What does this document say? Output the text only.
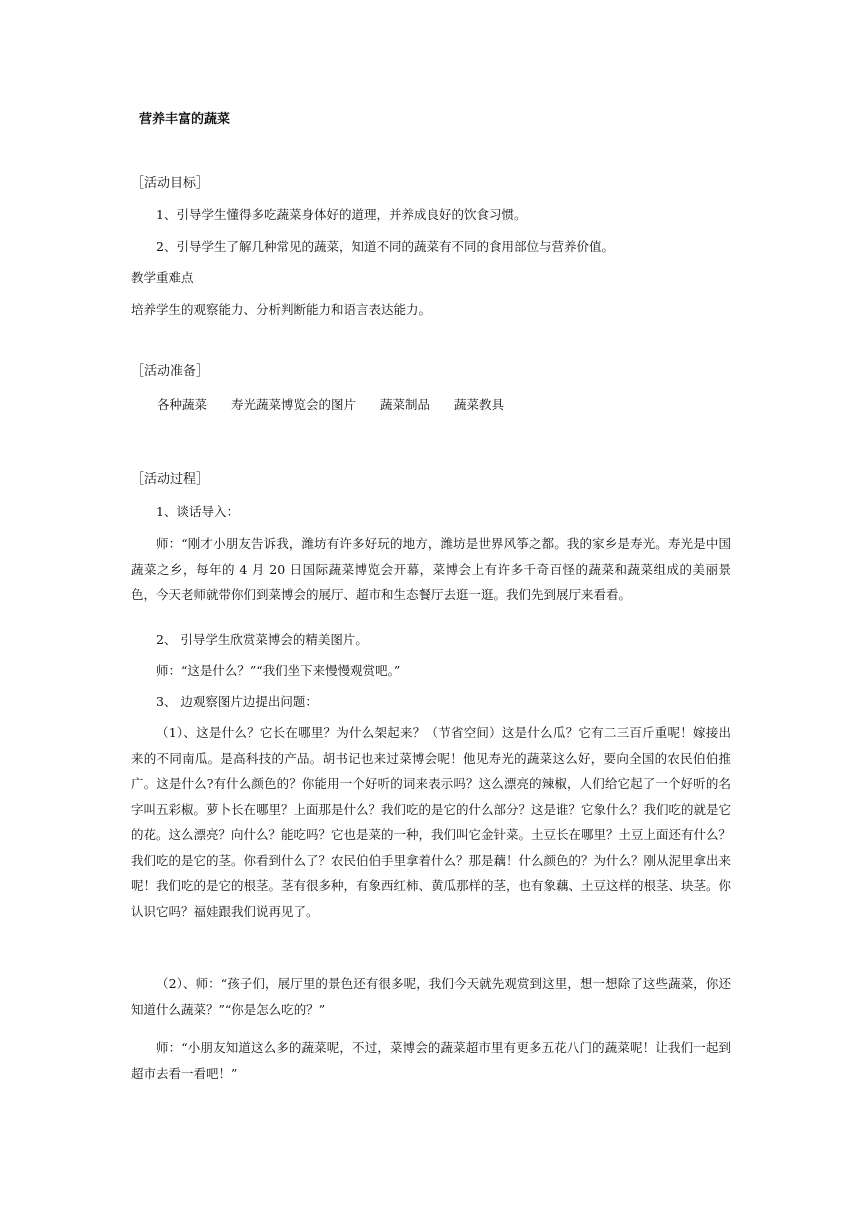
营养丰富的蔬菜
［活动目标］
1、引导学生懂得多吃蔬菜身体好的道理，并养成良好的饮食习惯。
2、引导学生了解几种常见的蔬菜，知道不同的蔬菜有不同的食用部位与营养价值。
教学重难点
培养学生的观察能力、分析判断能力和语言表达能力。
［活动准备］
各种蔬菜 寿光蔬菜博览会的图片 蔬菜制品 蔬菜教具
［活动过程］
1、谈话导入：
师：“刚才小朋友告诉我，潍坊有许多好玩的地方，潍坊是世界风筝之都。我的家乡是寿光。寿光是中国蔬菜之乡，每年的 4 月 20 日国际蔬菜博览会开幕，菜博会上有许多千奇百怪的蔬菜和蔬菜组成的美丽景色，今天老师就带你们到菜博会的展厅、超市和生态餐厅去逛一逛。我们先到展厅来看看。
2、 引导学生欣赏菜博会的精美图片。
师：“这是什么？”“我们坐下来慢慢观赏吧。”
3、 边观察图片边提出问题：
（1）、这是什么？它长在哪里？为什么架起来？（节省空间）这是什么瓜？它有二三百斤重呢！嫁接出来的不同南瓜。是高科技的产品。胡书记也来过菜博会呢！他见寿光的蔬菜这么好，要向全国的农民伯伯推广。这是什么?有什么颜色的？你能用一个好听的词来表示吗？这么漂亮的辣椒，人们给它起了一个好听的名字叫五彩椒。萝卜长在哪里？上面那是什么？我们吃的是它的什么部分？这是谁？它象什么？我们吃的就是它的花。这么漂亮？向什么？能吃吗？它也是菜的一种，我们叫它金针菜。土豆长在哪里？土豆上面还有什么？我们吃的是它的茎。你看到什么了？农民伯伯手里拿着什么？那是藕！什么颜色的？为什么？刚从泥里拿出来呢！我们吃的是它的根茎。茎有很多种，有象西红柿、黄瓜那样的茎，也有象藕、土豆这样的根茎、块茎。你认识它吗？福娃跟我们说再见了。
（2）、师：“孩子们，展厅里的景色还有很多呢，我们今天就先观赏到这里，想一想除了这些蔬菜，你还知道什么蔬菜？”“你是怎么吃的？”
师：“小朋友知道这么多的蔬菜呢，不过，菜博会的蔬菜超市里有更多五花八门的蔬菜呢！让我们一起到超市去看一看吧！”
